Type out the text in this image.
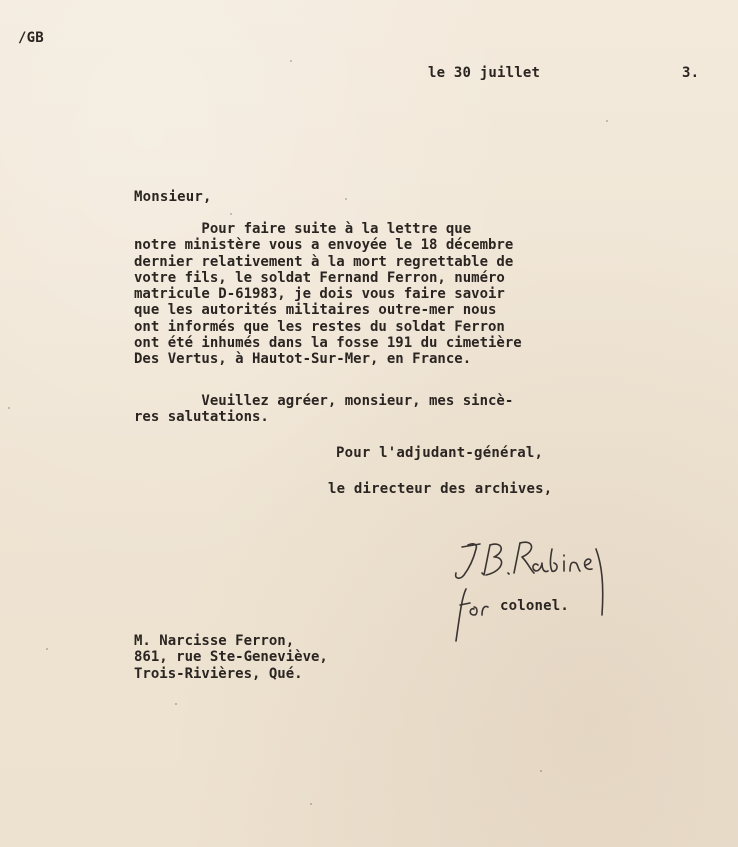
/GB
le 30 juillet	3.
Monsieur,
Pour faire suite à la lettre que
notre ministère vous a envoyée le 18 décembre
dernier relativement à la mort regrettable de
votre fils, le soldat Fernand Ferron, numéro
matricule D-61983, je dois vous faire savoir
que les autorités militaires outre-mer nous
ont informés que les restes du soldat Ferron
ont été inhumés dans la fosse 191 du cimetière
Des Vertus, à Hautot-Sur-Mer, en France.
Veuillez agréer, monsieur, mes sincè-
res salutations.
Pour l'adjudant-général,
le directeur des archives,
for
colonel.
M. Narcisse Ferron,
861, rue Ste-Geneviève,
Trois-Rivières, Qué.
